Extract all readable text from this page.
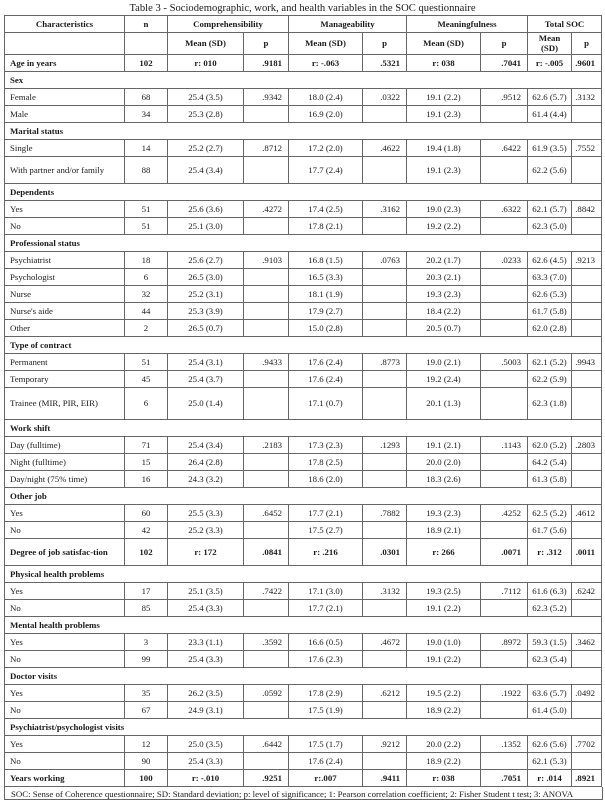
Table 3 - Sociodemographic, work, and health variables in the SOC questionnaire
Characteristics	n	Comprehensibility		Manageability		Meaningfulness		Total SOC	
		Mean (SD)	p	Mean (SD)	p	Mean (SD)	p	Mean (SD)	p
Age in years	102	r: 010	.9181	r: -.063	.5321	r: 038	.7041	r: -.005	.9601
Sex									
Female	68	25.4 (3.5)	.9342	18.0 (2.4)	.0322	19.1 (2.2)	.9512	62.6 (5.7)	.3132
Male	34	25.3 (2.8)		16.9 (2.0)		19.1 (2.3)		61.4 (4.4)	
Marital status									
Single	14	25.2 (2.7)	.8712	17.2 (2.0)	.4622	19.4 (1.8)	.6422	61.9 (3.5)	.7552
With partner and/or family	88	25.4 (3.4)		17.7 (2.4)		19.1 (2.3)		62.2 (5.6)	
Dependents									
Yes	51	25.6 (3.6)	.4272	17.4 (2.5)	.3162	19.0 (2.3)	.6322	62.1 (5.7)	.8842
No	51	25.1 (3.0)		17.8 (2.1)		19.2 (2.2)		62.3 (5.0)	
Professional status									
Psychiatrist	18	25.6 (2.7)	.9103	16.8 (1.5)	.0763	20.2 (1.7)	.0233	62.6 (4.5)	.9213
Psychologist	6	26.5 (3.0)		16.5 (3.3)		20.3 (2.1)		63.3 (7.0)	
Nurse	32	25.2 (3.1)		18.1 (1.9)		19.3 (2.3)		62.6 (5.3)	
Nurse's aide	44	25.3 (3.9)		17.9 (2.7)		18.4 (2.2)		61.7 (5.8)	
Other	2	26.5 (0.7)		15.0 (2.8)		20.5 (0.7)		62.0 (2.8)	
Type of contract									
Permanent	51	25.4 (3.1)	.9433	17.6 (2.4)	.8773	19.0 (2.1)	.5003	62.1 (5.2)	.9943
Temporary	45	25.4 (3.7)		17.6 (2.4)		19.2 (2.4)		62.2 (5.9)	
Trainee (MIR, PIR, EIR)	6	25.0 (1.4)		17.1 (0.7)		20.1 (1.3)		62.3 (1.8)	
Work shift									
Day (fulltime)	71	25.4 (3.4)	.2183	17.3 (2.3)	.1293	19.1 (2.1)	.1143	62.0 (5.2)	.2803
Night (fulltime)	15	26.4 (2.8)		17.8 (2.5)		20.0 (2.0)		64.2 (5.4)	
Day/night (75% time)	16	24.3 (3.2)		18.6 (2.0)		18.3 (2.6)		61.3 (5.8)	
Other job									
Yes	60	25.5 (3.3)	.6452	17.7 (2.1)	.7882	19.3 (2.3)	.4252	62.5 (5.2)	.4612
No	42	25.2 (3.3)		17.5 (2.7)		18.9 (2.1)		61.7 (5.6)	
Degree of job satisfac-tion	102	r: 172	.0841	r: .216	.0301	r: 266	.0071	r: .312	.0011
Physical health problems									
Yes	17	25.1 (3.5)	.7422	17.1 (3.0)	.3132	19.3 (2.5)	.7112	61.6 (6.3)	.6242
No	85	25.4 (3.3)		17.7 (2.1)		19.1 (2.2)		62.3 (5.2)	
Mental health problems									
Yes	3	23.3 (1.1)	.3592	16.6 (0.5)	.4672	19.0 (1.0)	.8972	59.3 (1.5)	.3462
No	99	25.4 (3.3)		17.6 (2.3)		19.1 (2.2)		62.3 (5.4)	
Doctor visits									
Yes	35	26.2 (3.5)	.0592	17.8 (2.9)	.6212	19.5 (2.2)	.1922	63.6 (5.7)	.0492
No	67	24.9 (3.1)		17.5 (1.9)		18.9 (2.2)		61.4 (5.0)	
Psychiatrist/psychologist visits									
Yes	12	25.0 (3.5)	.6442	17.5 (1.7)	.9212	20.0 (2.2)	.1352	62.6 (5.6)	.7702
No	90	25.4 (3.3)		17.6 (2.4)		18.9 (2.2)		62.1 (5.3)	
Years working	100	r: -.010	.9251	r:.007	.9411	r: 038	.7051	r: .014	.8921
SOC: Sense of Coherence questionnaire; SD: Standard deviation; p: level of significance; 1: Pearson correlation coefficient; 2: Fisher Student t test; 3: ANOVA
